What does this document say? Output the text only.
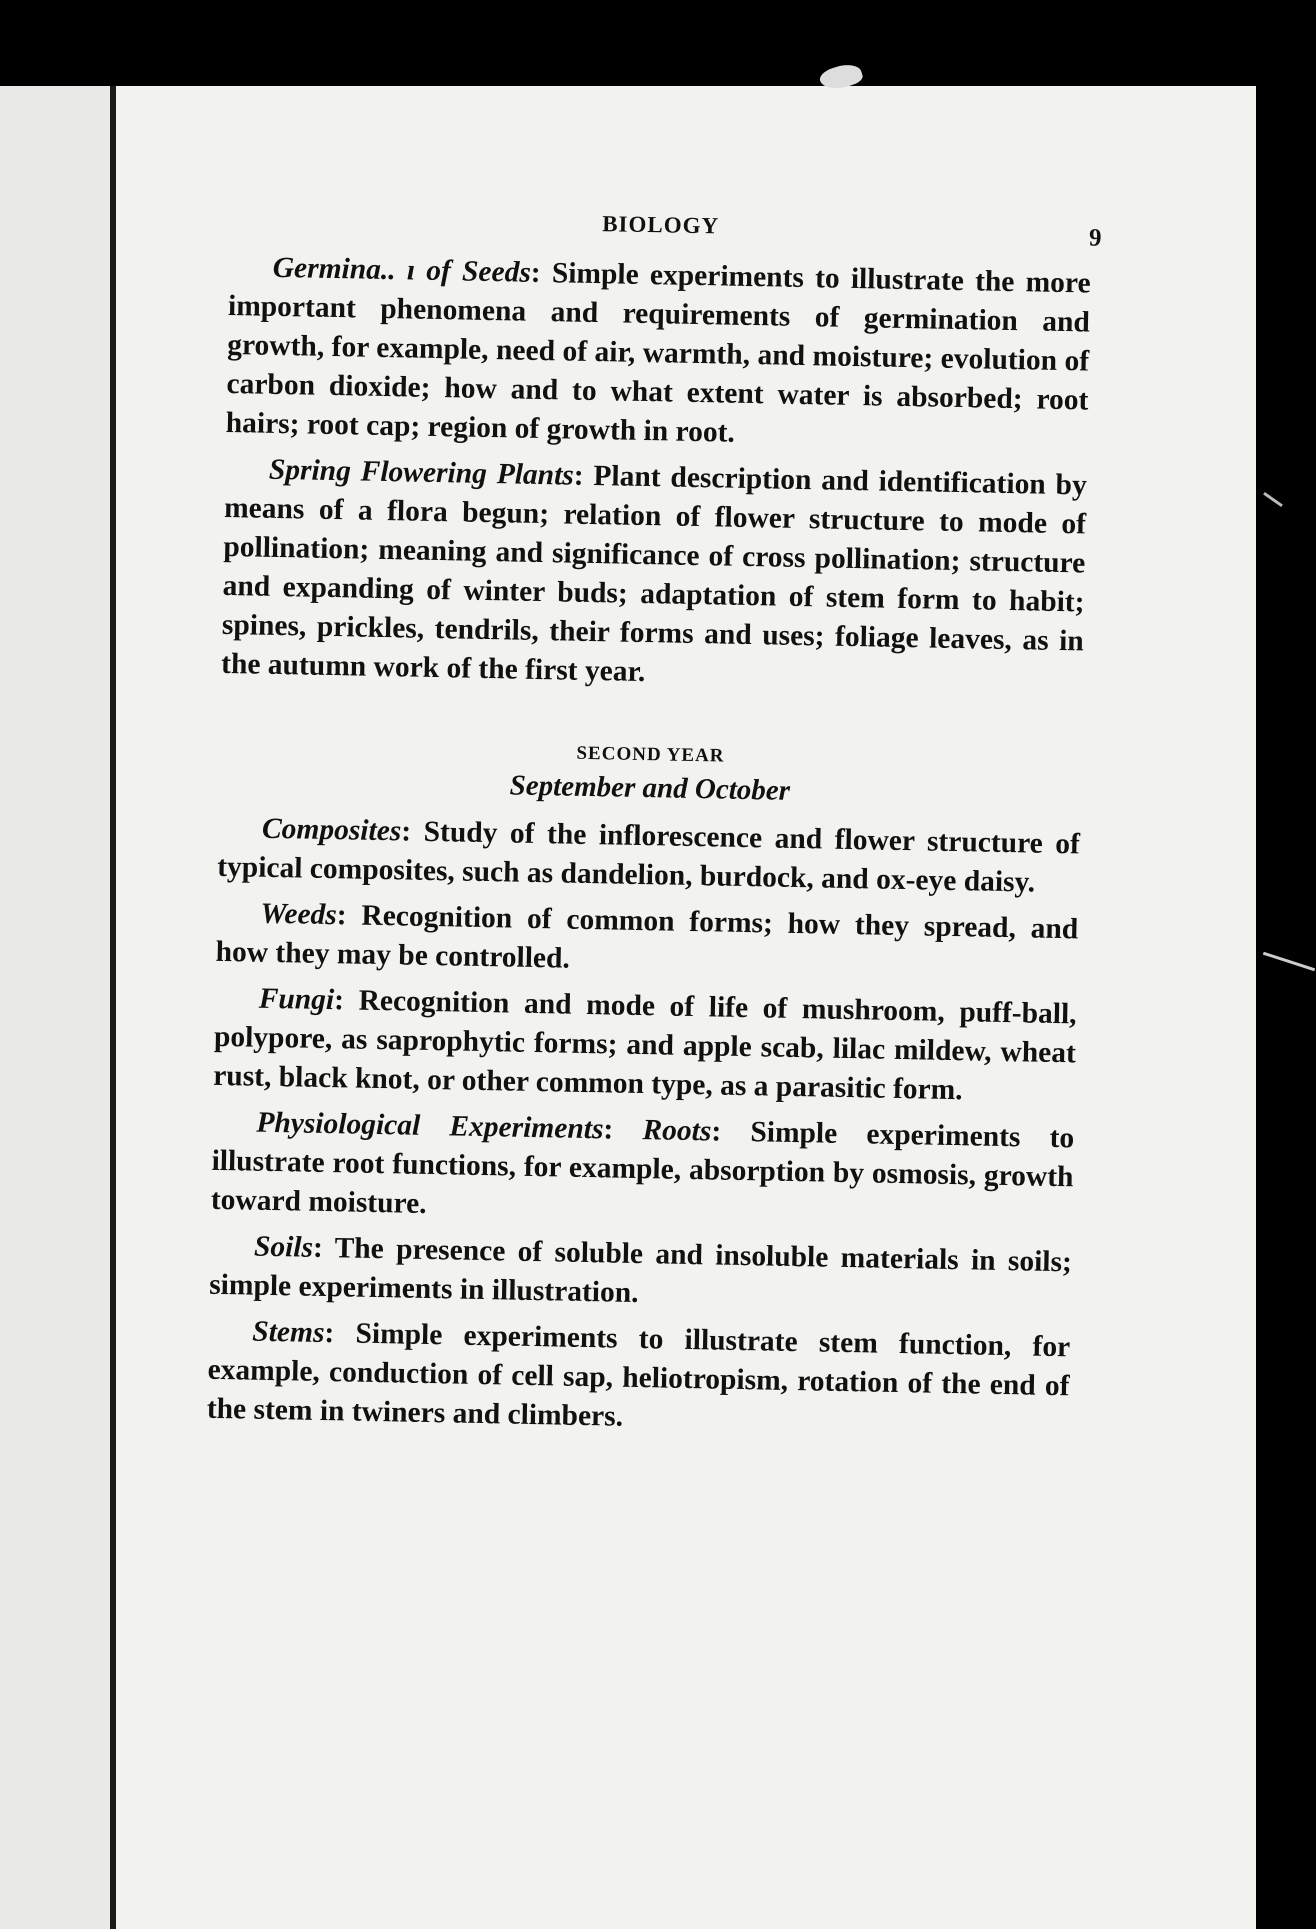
BIOLOGY	9

Germina.. ı of Seeds: Simple experiments to illustrate the more important phenomena and requirements of germination and growth, for example, need of air, warmth, and moisture; evolution of carbon dioxide; how and to what extent water is absorbed; root hairs; root cap; region of growth in root.

Spring Flowering Plants: Plant description and identification by means of a flora begun; relation of flower structure to mode of pollination; meaning and significance of cross pollination; structure and expanding of winter buds; adaptation of stem form to habit; spines, prickles, tendrils, their forms and uses; foliage leaves, as in the autumn work of the first year.

SECOND YEAR
September and October

Composites: Study of the inflorescence and flower structure of typical composites, such as dandelion, burdock, and ox-eye daisy.

Weeds: Recognition of common forms; how they spread, and how they may be controlled.

Fungi: Recognition and mode of life of mushroom, puff-ball, polypore, as saprophytic forms; and apple scab, lilac mildew, wheat rust, black knot, or other common type, as a parasitic form.

Physiological Experiments: Roots: Simple experiments to illustrate root functions, for example, absorption by osmosis, growth toward moisture.

Soils: The presence of soluble and insoluble materials in soils; simple experiments in illustration.

Stems: Simple experiments to illustrate stem function, for example, conduction of cell sap, heliotropism, rotation of the end of the stem in twiners and climbers.
